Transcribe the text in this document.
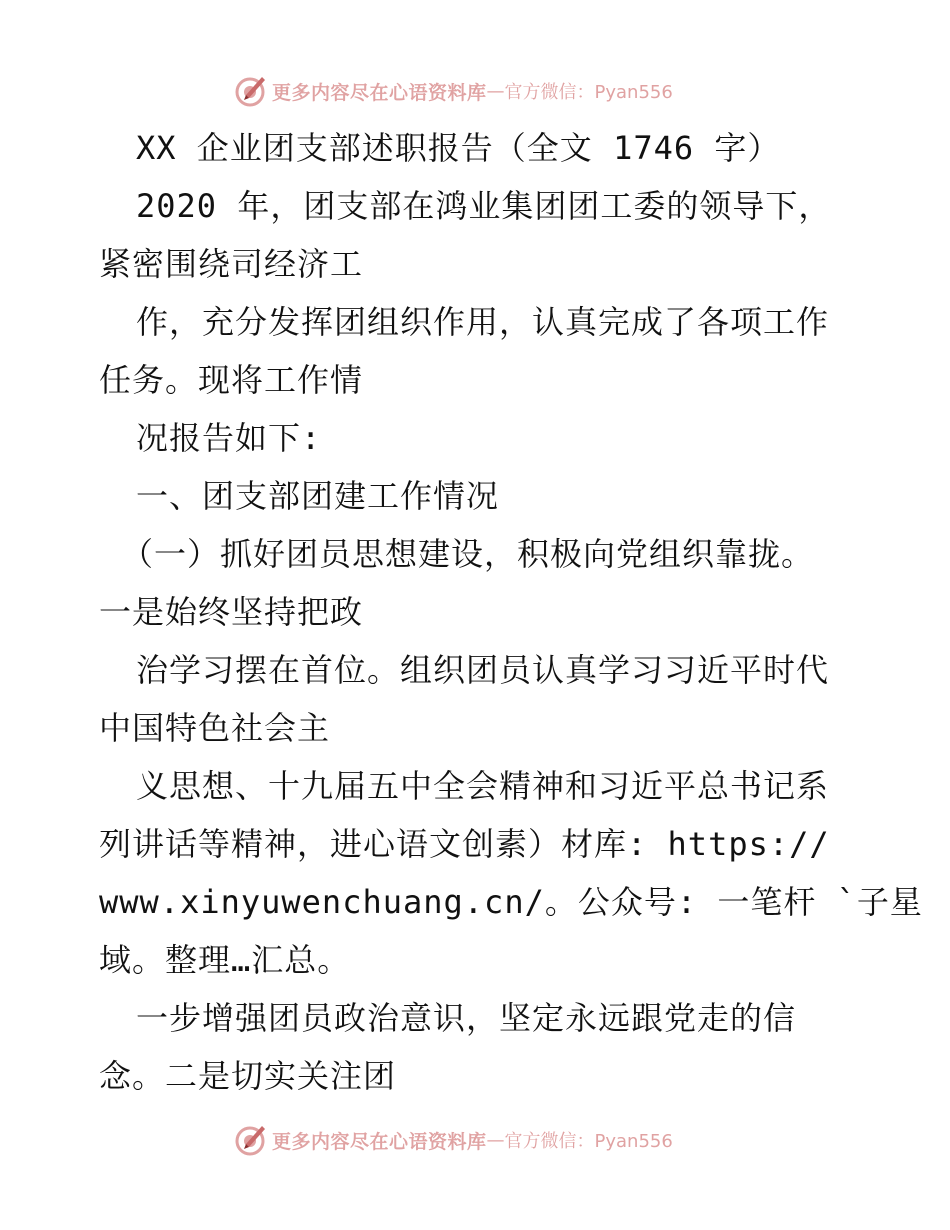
更多内容尽在心语资料库 — 官方微信：Pyan556
XX 企业团支部述职报告（全文 1746 字）
2020 年，团支部在鸿业集团团工委的领导下，
紧密围绕司经济工
作，充分发挥团组织作用，认真完成了各项工作
任务。现将工作情
况报告如下:
一、团支部团建工作情况
（一）抓好团员思想建设，积极向党组织靠拢。
一是始终坚持把政
治学习摆在首位。组织团员认真学习习近平时代
中国特色社会主
义思想、十九届五中全会精神和习近平总书记系
列讲话等精神，进心语文创素）材库: https://
www.xinyuwenchuang.cn/。公众号: 一笔杆 `子星
域。整理…汇总。
一步增强团员政治意识，坚定永远跟党走的信
念。二是切实关注团
更多内容尽在心语资料库 — 官方微信：Pyan556
